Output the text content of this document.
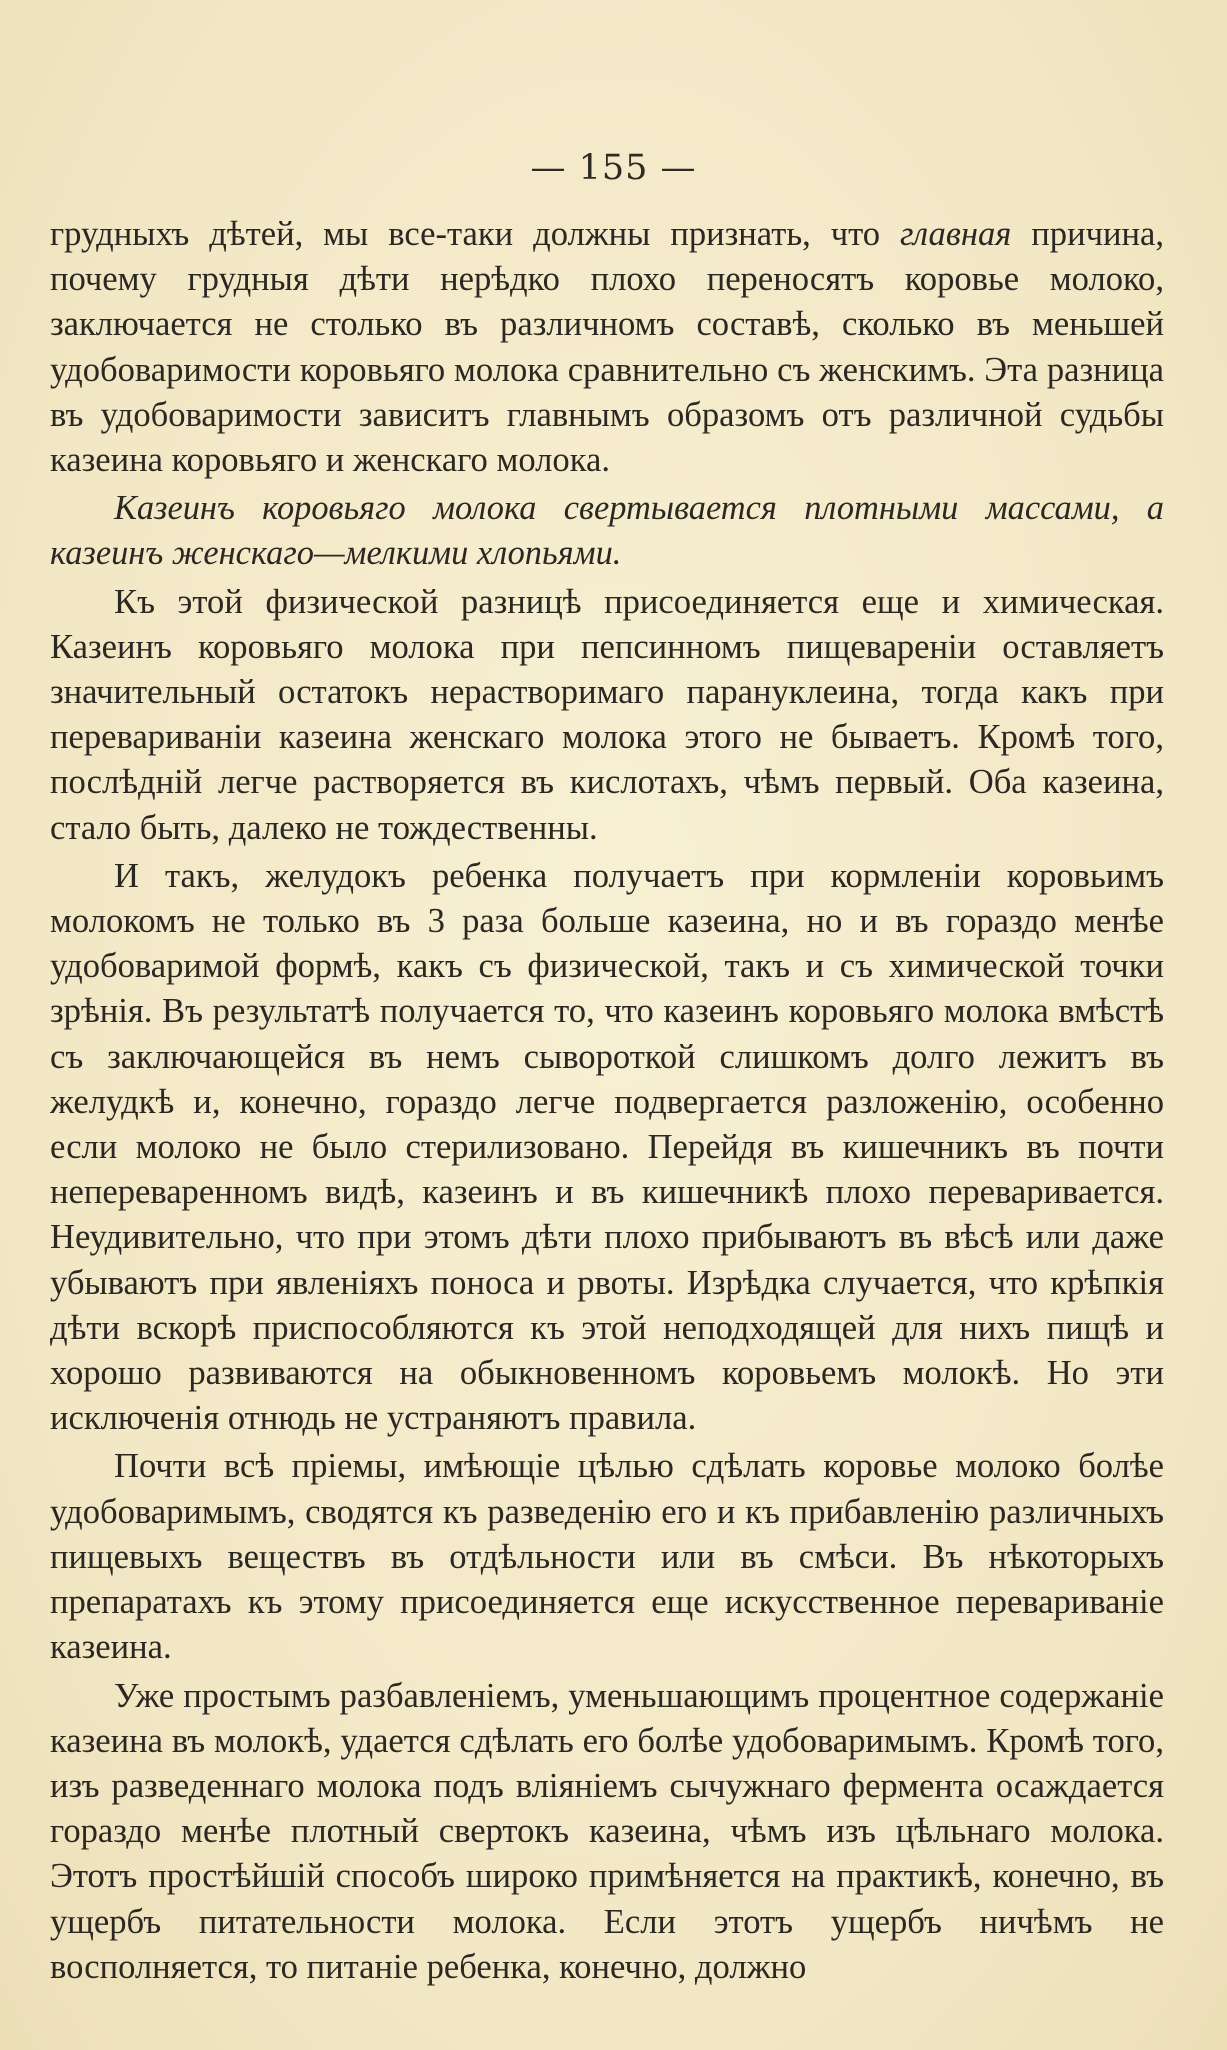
— 155 —

грудныхъ дѣтей, мы все-таки должны признать, что главная причина, почему грудныя дѣти нерѣдко плохо переносятъ коровье молоко, заключается не столько въ различномъ составѣ, сколько въ меньшей удобоваримости коровьяго молока сравнительно съ женскимъ. Эта разница въ удобоваримости зависитъ главнымъ образомъ отъ различной судьбы казеина коровьяго и женскаго молока.

Казеинъ коровьяго молока свертывается плотными массами, а казеинъ женскаго—мелкими хлопьями.

Къ этой физической разницѣ присоединяется еще и химическая. Казеинъ коровьяго молока при пепсинномъ пищевареніи оставляетъ значительный остатокъ нерастворимаго парануклеина, тогда какъ при перевариваніи казеина женскаго молока этого не бываетъ. Кромѣ того, послѣдній легче растворяется въ кислотахъ, чѣмъ первый. Оба казеина, стало быть, далеко не тождественны.

И такъ, желудокъ ребенка получаетъ при кормленіи коровьимъ молокомъ не только въ 3 раза больше казеина, но и въ гораздо менѣе удобоваримой формѣ, какъ съ физической, такъ и съ химической точки зрѣнія. Въ результатѣ получается то, что казеинъ коровьяго молока вмѣстѣ съ заключающейся въ немъ сывороткой слишкомъ долго лежитъ въ желудкѣ и, конечно, гораздо легче подвергается разложенію, особенно если молоко не было стерилизовано. Перейдя въ кишечникъ въ почти непереваренномъ видѣ, казеинъ и въ кишечникѣ плохо переваривается. Неудивительно, что при этомъ дѣти плохо прибываютъ въ вѣсѣ или даже убываютъ при явленіяхъ поноса и рвоты. Изрѣдка случается, что крѣпкія дѣти вскорѣ приспособляются къ этой неподходящей для нихъ пищѣ и хорошо развиваются на обыкновенномъ коровьемъ молокѣ. Но эти исключенія отнюдь не устраняютъ правила.

Почти всѣ пріемы, имѣющіе цѣлью сдѣлать коровье молоко болѣе удобоваримымъ, сводятся къ разведенію его и къ прибавленію различныхъ пищевыхъ веществъ въ отдѣльности или въ смѣси. Въ нѣкоторыхъ препаратахъ къ этому присоединяется еще искусственное перевариваніе казеина.

Уже простымъ разбавленіемъ, уменьшающимъ процентное содержаніе казеина въ молокѣ, удается сдѣлать его болѣе удобоваримымъ. Кромѣ того, изъ разведеннаго молока подъ вліяніемъ сычужнаго фермента осаждается гораздо менѣе плотный свертокъ казеина, чѣмъ изъ цѣльнаго молока. Этотъ простѣйшій способъ широко примѣняется на практикѣ, конечно, въ ущербъ питательности молока. Если этотъ ущербъ ничѣмъ не восполняется, то питаніе ребенка, конечно, должно
